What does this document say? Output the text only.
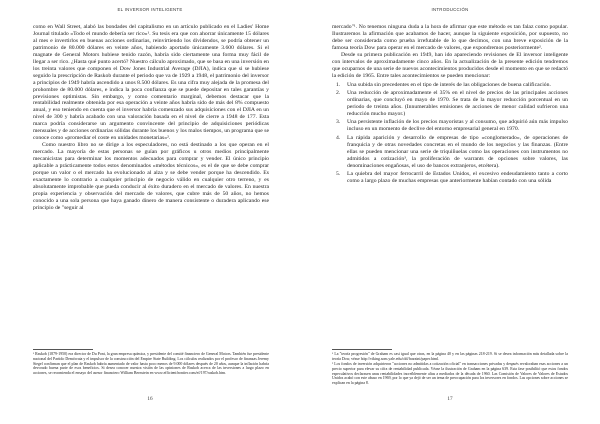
EL INVERSOR INTELIGENTE

como en Wall Street, alabó las bondades del capitalismo en un artículo publicado en el Ladies' Home Journal titulado «Todo el mundo debería ser rico»¹. Su tesis era que con ahorrar únicamente 15 dólares al mes e invertirlos en buenas acciones ordinarias, reinvirtiendo los dividendos, se podría obtener un patrimonio de 80.000 dólares en veinte años, habiendo aportado únicamente 3.600 dólares. Si el magnate de General Motors hubiese tenido razón, habría sido ciertamente una forma muy fácil de llegar a ser rico. ¿Hasta qué punto acertó? Nuestro cálculo aproximado, que se basa en una inversión en los treinta valores que componen el Dow Jones Industrial Average (DJIA), indica que si se hubiese seguido la prescripción de Raskob durante el periodo que va de 1929 a 1948, el patrimonio del inversor a principios de 1949 habría ascendido a unos 8.500 dólares. Es una cifra muy alejada de la promesa del prohombre de 80.000 dólares, e indica la poca confianza que se puede depositar en tales garantías y previsiones optimistas. Sin embargo, y como comentario marginal, debemos destacar que la rentabilidad realmente obtenida por esa operación a veinte años habría sido de más del 8% compuesto anual, y eso teniendo en cuenta que el inversor habría comenzado sus adquisiciones con el DJIA en un nivel de 300 y habría acabado con una valoración basada en el nivel de cierre a 1948 de 177. Esta marca podría considerarse un argumento convincente del principio de adquisiciones periódicas mensuales y de acciones ordinarias sólidas durante los buenos y los malos tiempos, un programa que se conoce como «promediar el coste en unidades monetarias»².

Como nuestro libro no se dirige a los especuladores, no está destinado a los que operan en el mercado. La mayoría de estas personas se guían por gráficos u otros medios principalmente mecanicistas para determinar los momentos adecuados para comprar y vender. El único principio aplicable a prácticamente todos estos denominados «métodos técnicos», es el de que se debe comprar porque un valor o el mercado ha evolucionado al alza y se debe vender porque ha descendido. Es exactamente lo contrario a cualquier principio de negocio válido en cualquier otro terreno, y es absolutamente improbable que pueda conducir al éxito duradero en el mercado de valores. En nuestra propia experiencia y observación del mercado de valores, que cubre más de 50 años, no hemos conocido a una sola persona que haya ganado dinero de manera consistente o duradera aplicando ese principio de "seguir al

¹ Raskob (1879-1950) era director de Du Pont, la gran empresa química, y presidente del comité financiero de General Motors. También fue presidente nacional del Partido Demócrata y el impulsor de la construcción del Empire State Building. Los cálculos realizados por el profesor de finanzas Jeremy Siegel confirman que el plan de Raskob habría aumentado de valor hasta poco menos de 9.000 dólares después de 20 años, aunque la inflación habría devorado buena parte de esos beneficios. Si desea conocer nuestra visión de las opiniones de Raskob acerca de las inversiones a largo plazo en acciones, se recomienda el ensayo del asesor financiero William Bernstein en www.efficientfrontier.com/ef/197/raskob.htm.

16
INTRODUCCIÓN

mercado"¹. No tenemos ninguna duda a la hora de afirmar que este método es tan falaz como popular. Ilustraremos la afirmación que acabamos de hacer, aunque la siguiente exposición, por supuesto, no debe ser considerada como prueba irrefutable de lo que decimos, con una breve exposición de la famosa teoría Dow para operar en el mercado de valores, que expondremos posteriormente².

Desde su primera publicación en 1949, han ido apareciendo revisiones de El inversor inteligente con intervalos de aproximadamente cinco años. En la actualización de la presente edición tendremos que ocuparnos de una serie de nuevos acontecimientos producidos desde el momento en que se redactó la edición de 1965. Entre tales acontecimientos se pueden mencionar:

1. Una subida sin precedentes en el tipo de interés de las obligaciones de buena calificación.
2. Una reducción de aproximadamente el 35% en el nivel de precios de las principales acciones ordinarias, que concluyó en mayo de 1970. Se trata de la mayor reducción porcentual en un periodo de treinta años. (Innumerables emisiones de acciones de menor calidad sufrieron una reducción mucho mayor.)
3. Una persistente inflación de los precios mayoristas y al consumo, que adquirió aún más impulso incluso en un momento de declive del entorno empresarial general en 1970.
4. La rápida aparición y desarrollo de empresas de tipo «conglomerado», de operaciones de franquicia y de otras novedades concretas en el mundo de los negocios y las finanzas. (Entre ellas se pueden mencionar una serie de triquiñuelas como las operaciones con instrumentos no admitidos a cotización³, la proliferación de warrants de opciones sobre valores, las denominaciones engañosas, el uso de bancos extranjeros, etcétera).
5. La quiebra del mayor ferrocarril de Estados Unidos, el excesivo endeudamiento tanto a corto como a largo plazo de muchas empresas que anteriormente habían contado con una sólida

¹ La "teoría progresión" de Graham es casi igual que otras, en la página 40 y en las páginas 218-219. Si se desea información más detallada sobre la teoría Dow, véase http://viking.som.yale.edu/old/frazzini/paper.html.

² Los fondos de inversión adquirieron "acciones no admitidas a cotización oficial" en transacciones privadas y después revaloraban esas acciones a un precio superior para elevar su cifra de rentabilidad publicada. Véase la ilustración de Graham en la página 639. Esta fase posibilitó que estos fondos especulativos declarasen unas rentabilidades increíblemente altas a mediados de la década de 1960. Las Comisión de Valores de Valores de Estados Unidos acabó con este abuso en 1969, por lo que ya dejó de ser un tema de preocupación para los inversores en fondos. Las opciones sobre acciones se explican en la página 8.

17
